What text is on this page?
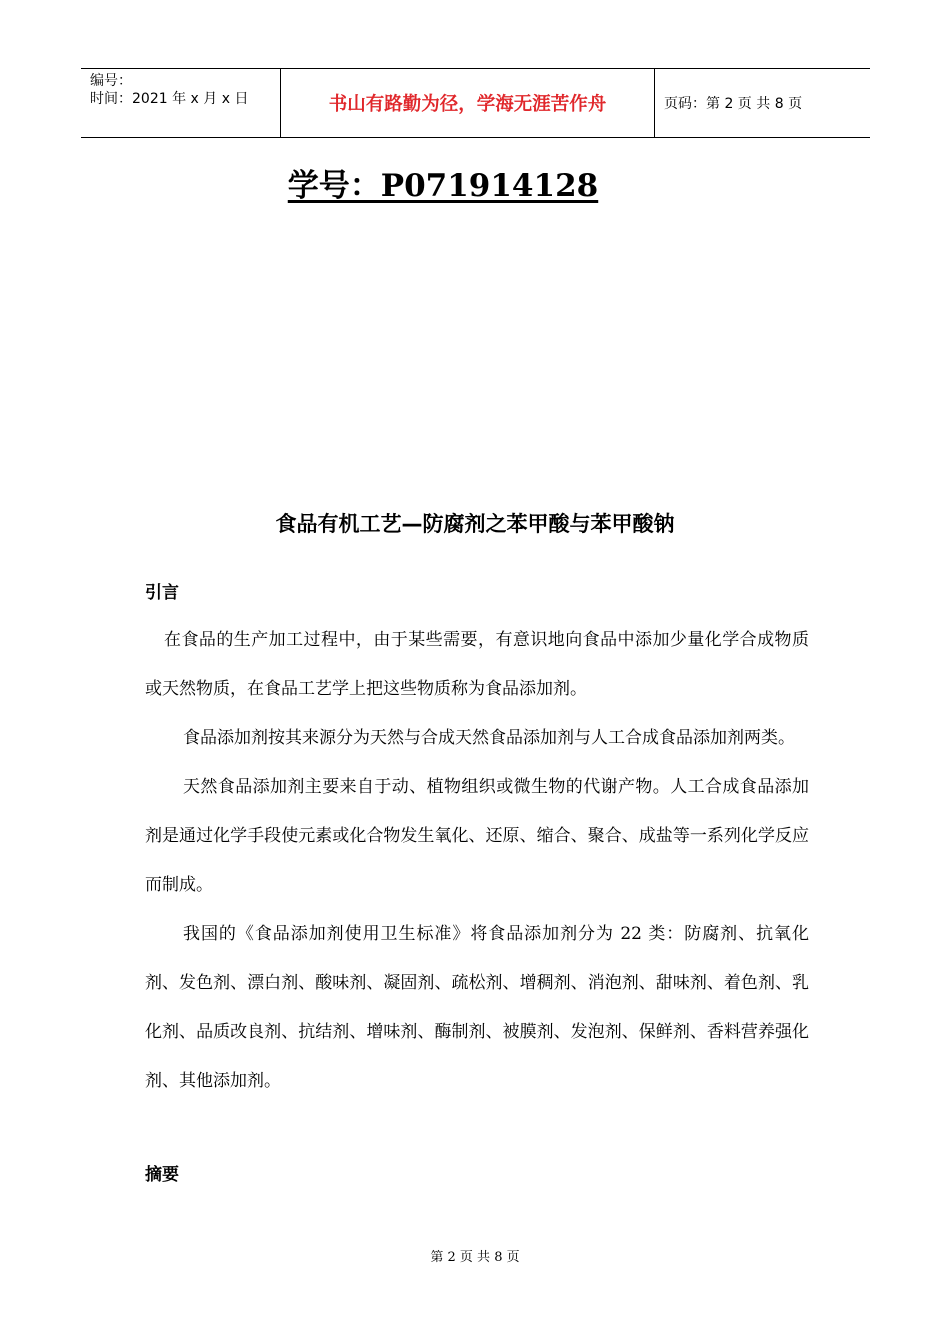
编号：
时间：2021 年 x 月 x 日	书山有路勤为径，学海无涯苦作舟	页码：第 2 页 共 8 页
学号：P071914128
食品有机工艺—防腐剂之苯甲酸与苯甲酸钠
引言

在食品的生产加工过程中，由于某些需要，有意识地向食品中添加少量化学合成物质或天然物质，在食品工艺学上把这些物质称为食品添加剂。

食品添加剂按其来源分为天然与合成天然食品添加剂与人工合成食品添加剂两类。

天然食品添加剂主要来自于动、植物组织或微生物的代谢产物。人工合成食品添加剂是通过化学手段使元素或化合物发生氧化、还原、缩合、聚合、成盐等一系列化学反应而制成。

我国的《食品添加剂使用卫生标准》将食品添加剂分为 22 类：防腐剂、抗氧化剂、发色剂、漂白剂、酸味剂、凝固剂、疏松剂、增稠剂、消泡剂、甜味剂、着色剂、乳化剂、品质改良剂、抗结剂、增味剂、酶制剂、被膜剂、发泡剂、保鲜剂、香料营养强化剂、其他添加剂。

摘要
第 2 页 共 8 页
